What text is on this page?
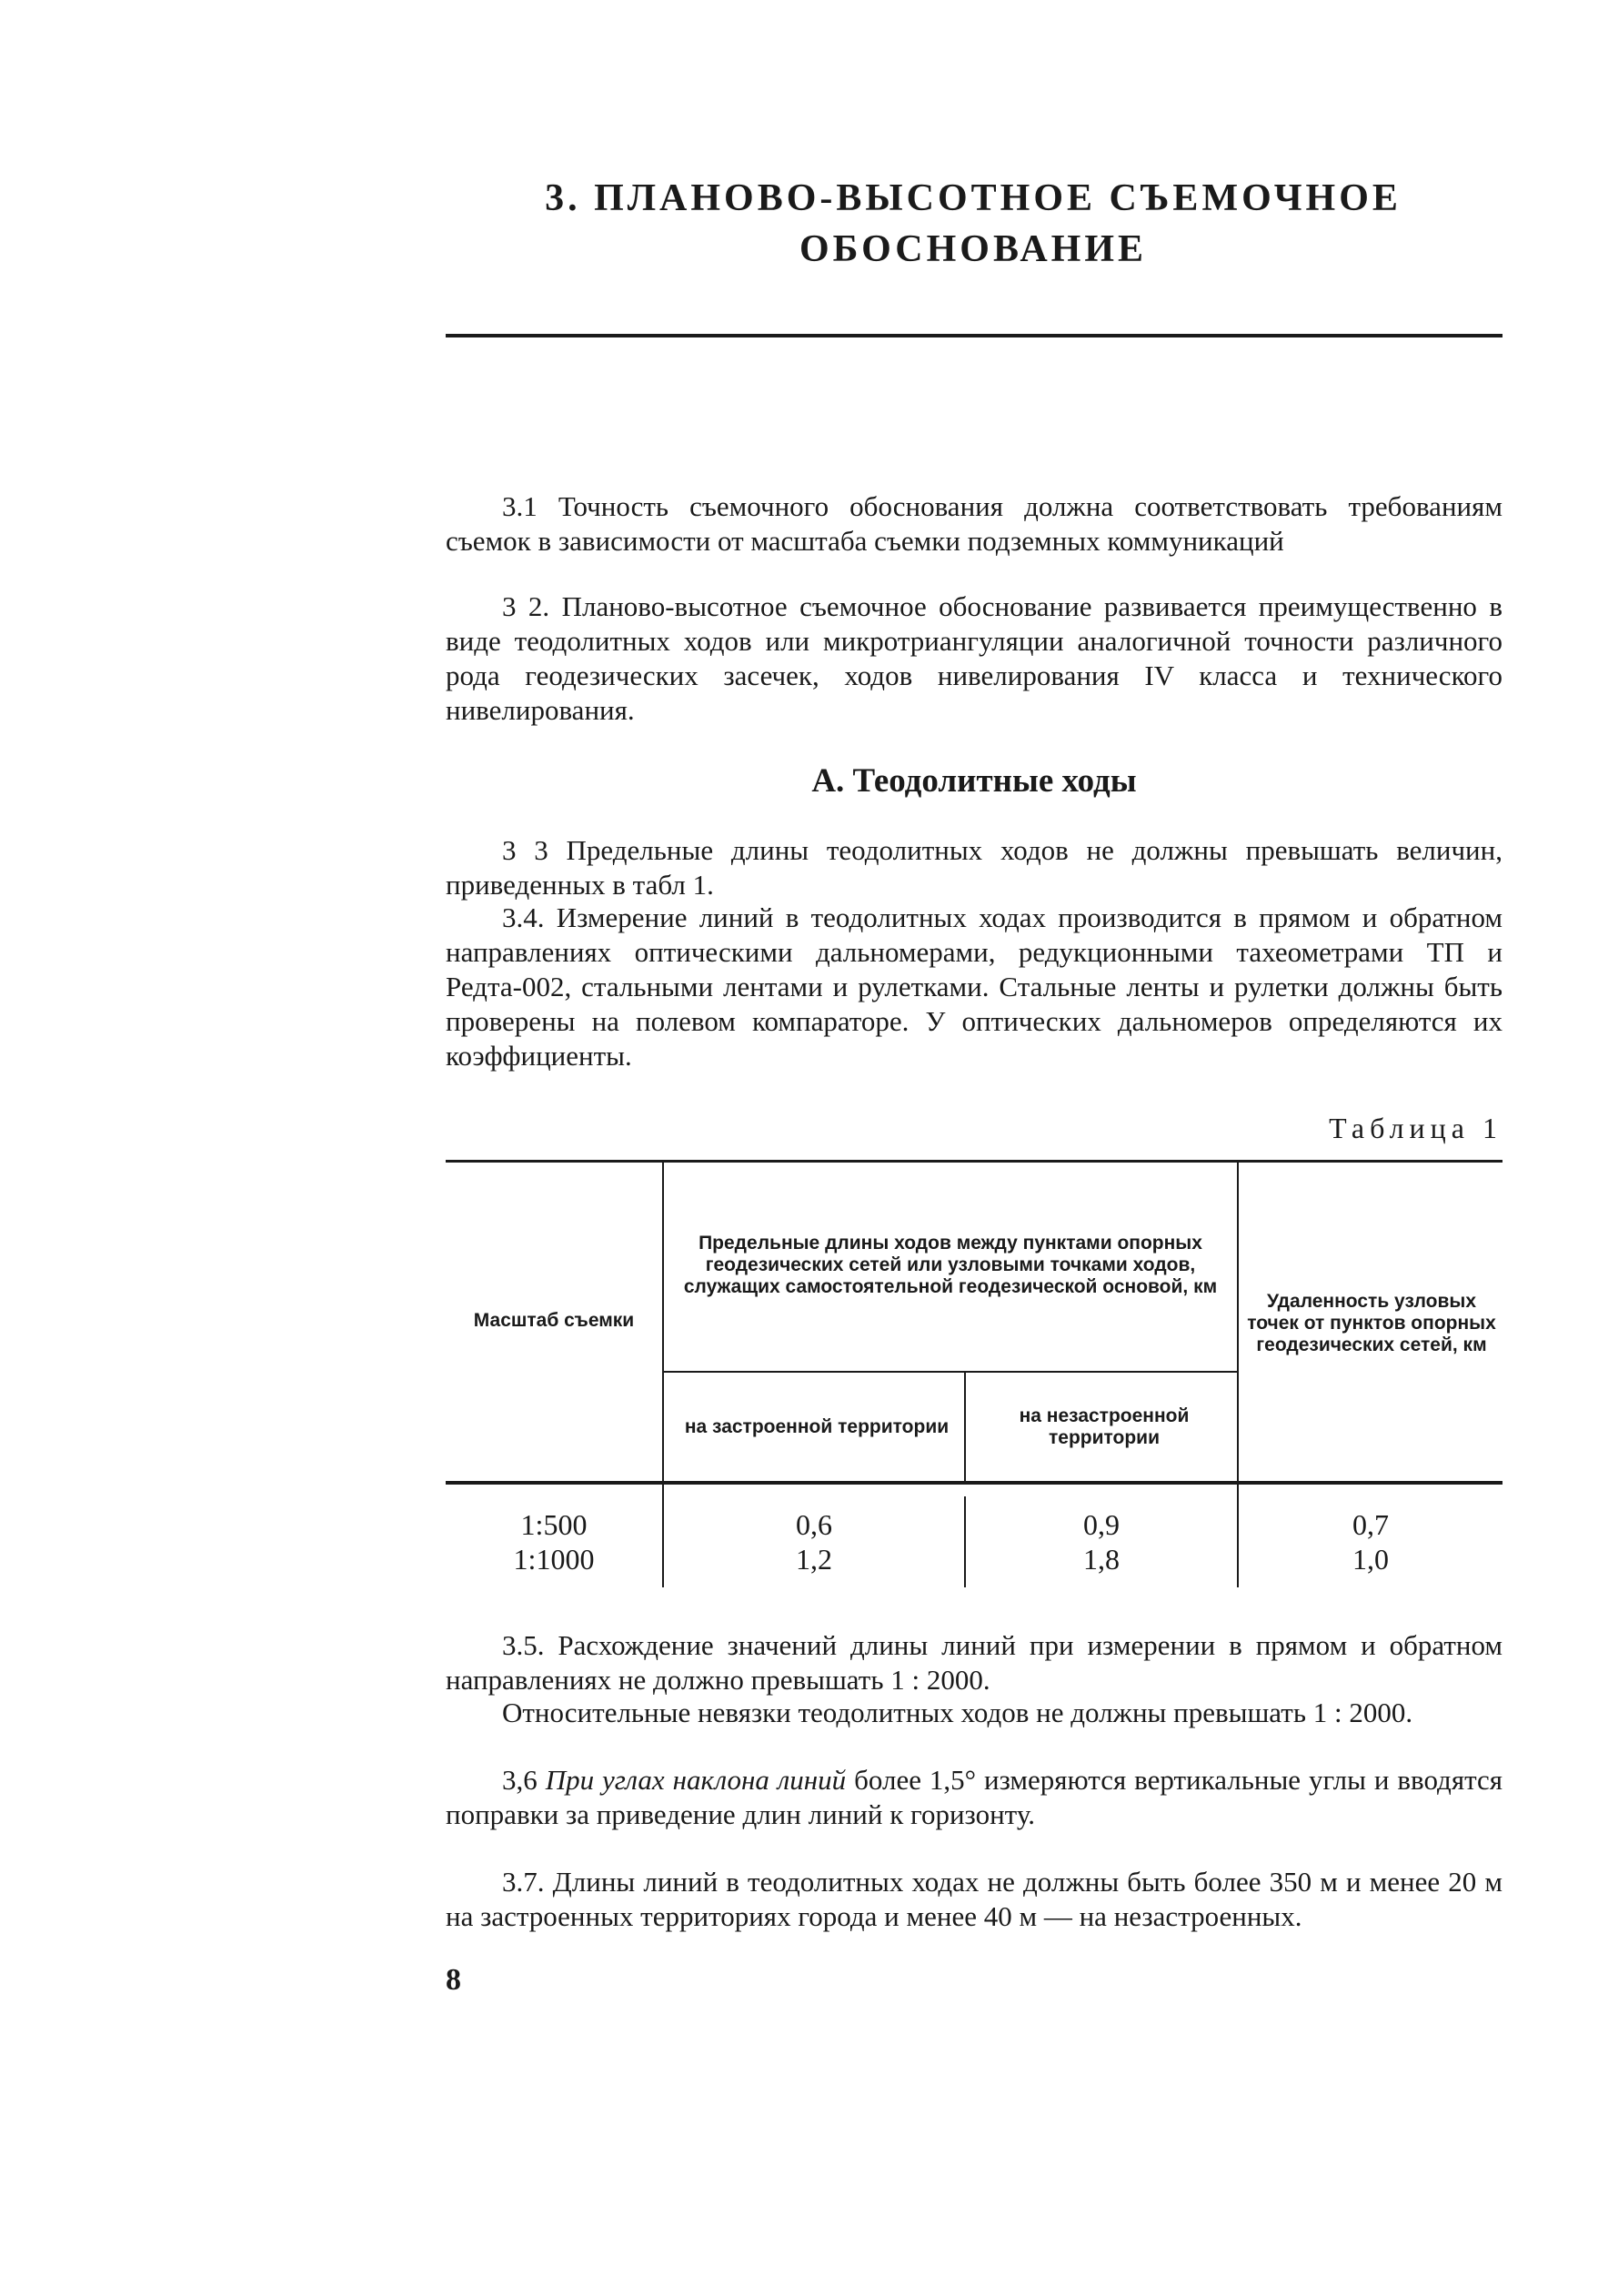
3. ПЛАНОВО-ВЫСОТНОЕ СЪЕМОЧНОЕ
ОБОСНОВАНИЕ

3.1 Точность съемочного обоснования должна соответствовать требованиям съемок в зависимости от масштаба съемки подземных коммуникаций

3 2. Планово-высотное съемочное обоснование развивается преимущественно в виде теодолитных ходов или микротриангуляции аналогичной точности различного рода геодезических засечек, ходов нивелирования IV класса и технического нивелирования.

А. Теодолитные ходы

3 3 Предельные длины теодолитных ходов не должны превышать величин, приведенных в табл 1.

3.4. Измерение линий в теодолитных ходах производится в прямом и обратном направлениях оптическими дальномерами, редукционными тахеометрами ТП и Редта-002, стальными лентами и рулетками. Стальные ленты и рулетки должны быть проверены на полевом компараторе. У оптических дальномеров определяются их коэффициенты.

Таблица 1

Масштаб съемки
Предельные длины ходов между пунктами опорных геодезических сетей или узловыми точками ходов, служащих самостоятельной геодезической основой, км
на застроенной территории
на незастроенной территории
Удаленность узловых точек от пунктов опорных геодезических сетей, км
1:500
1:1000
0,6
1,2
0,9
1,8
0,7
1,0

3.5. Расхождение значений длины линий при измерении в прямом и обратном направлениях не должно превышать 1 : 2000.

Относительные невязки теодолитных ходов не должны превышать 1 : 2000.

3,6 При углах наклона линий более 1,5° измеряются вертикальные углы и вводятся поправки за приведение длин линий к горизонту.

3.7. Длины линий в теодолитных ходах не должны быть более 350 м и менее 20 м на застроенных территориях города и менее 40 м — на незастроенных.

8
